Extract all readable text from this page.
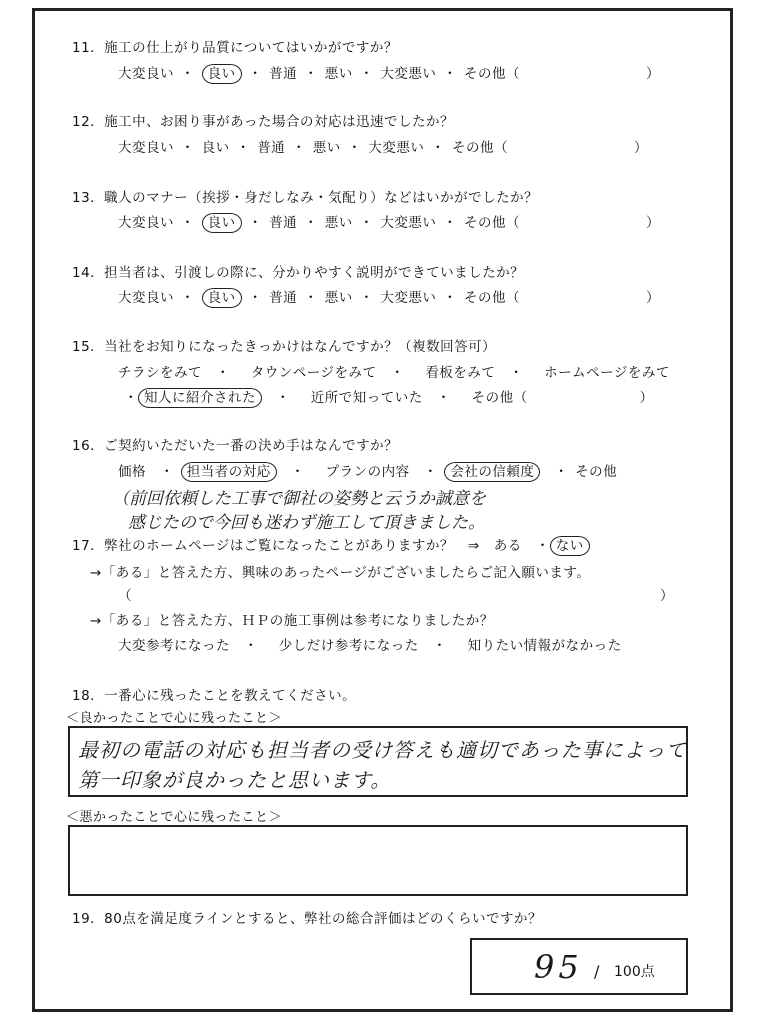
11．施工の仕上がり品質についてはいかがですか？
大変良い ・ 良い ・ 普通 ・ 悪い ・ 大変悪い ・ その他（　　　　　　　　　）
12．施工中、お困り事があった場合の対応は迅速でしたか？
大変良い ・ 良い ・ 普通 ・ 悪い ・ 大変悪い ・ その他（　　　　　　　　　）
13．職人のマナー（挨拶・身だしなみ・気配り）などはいかがでしたか？
大変良い ・ 良い ・ 普通 ・ 悪い ・ 大変悪い ・ その他（　　　　　　　　　）
14．担当者は、引渡しの際に、分かりやすく説明ができていましたか？
大変良い ・ 良い ・ 普通 ・ 悪い ・ 大変悪い ・ その他（　　　　　　　　　）
15．当社をお知りになったきっかけはなんですか？（複数回答可）
チラシをみて　・　 タウンページをみて　・　 看板をみて　・　 ホームページをみて
・ 知人に紹介された　・　 近所で知っていた　・　 その他（　　　　　　　　）
16．ご契約いただいた一番の決め手はなんですか？
価格　・ 担当者の対応　・　 プランの内容　・ 会社の信頼度　・ その他
（前回依頼した工事で御社の姿勢と云うか誠意を
感じたので今回も迷わず施工して頂きました。
17．弊社のホームページはご覧になったことがありますか？　⇒　 ある　・ ない
→「ある」と答えた方、興味のあったページがございましたらご記入願います。
（	）
→「ある」と答えた方、ＨＰの施工事例は参考になりましたか？
大変参考になった　・　 少しだけ参考になった　・　 知りたい情報がなかった
18．一番心に残ったことを教えてください。
＜良かったことで心に残ったこと＞
最初の電話の対応も担当者の受け答えも適切であった事によって
第一印象が良かったと思います。
＜悪かったことで心に残ったこと＞
19．80点を満足度ラインとすると、弊社の総合評価はどのくらいですか？
95 / 100点
